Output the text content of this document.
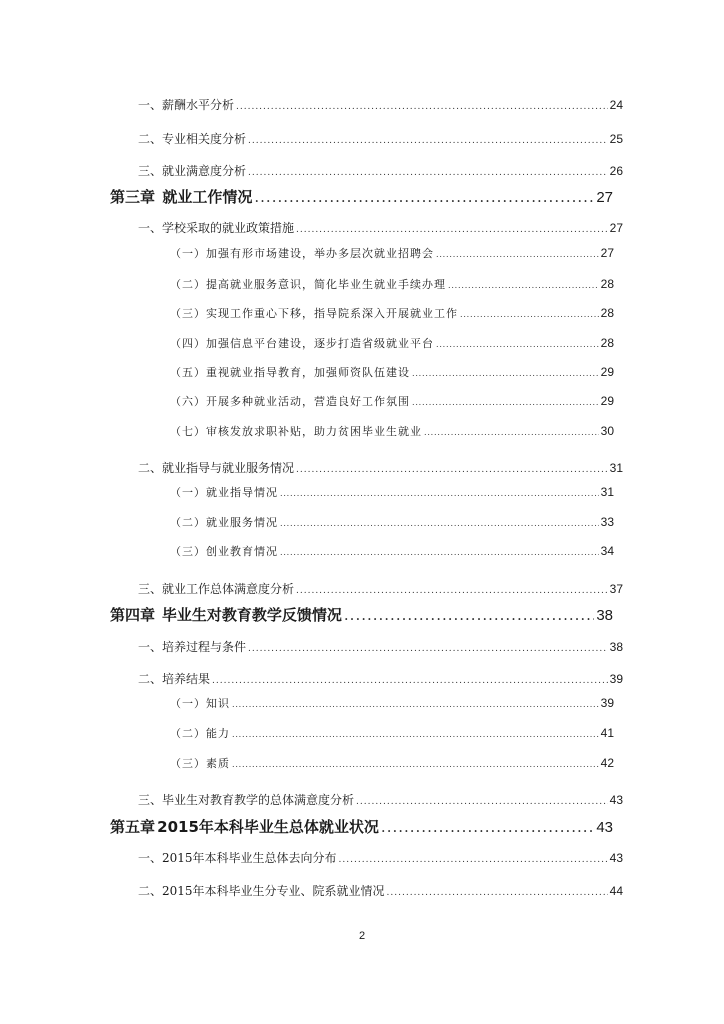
一、薪酬水平分析 .....	24
二、专业相关度分析 .....	25
三、就业满意度分析 .....	26
第三章 就业工作情况 .....	27
一、学校采取的就业政策措施 .....	27
（一）加强有形市场建设，举办多层次就业招聘会 .....	27
（二）提高就业服务意识，简化毕业生就业手续办理 .....	28
（三）实现工作重心下移，指导院系深入开展就业工作 .....	28
（四）加强信息平台建设，逐步打造省级就业平台 .....	28
（五）重视就业指导教育，加强师资队伍建设 .....	29
（六）开展多种就业活动，营造良好工作氛围 .....	29
（七）审核发放求职补贴，助力贫困毕业生就业 .....	30
二、就业指导与就业服务情况 .....	31
（一）就业指导情况 .....	31
（二）就业服务情况 .....	33
（三）创业教育情况 .....	34
三、就业工作总体满意度分析 .....	37
第四章 毕业生对教育教学反馈情况 .....	38
一、培养过程与条件 .....	38
二、培养结果 .....	39
（一）知识 .....	39
（二）能力 .....	41
（三）素质 .....	42
三、毕业生对教育教学的总体满意度分析 .....	43
第五章 2015年本科毕业生总体就业状况 .....	43
一、2015年本科毕业生总体去向分布 .....	43
二、2015年本科毕业生分专业、院系就业情况 .....	44
2
